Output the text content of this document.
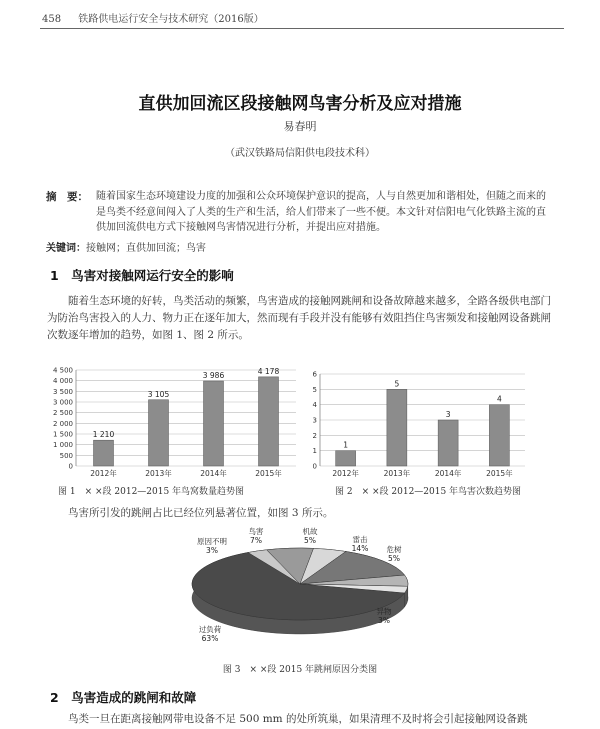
458 铁路供电运行安全与技术研究（2016版）
直供加回流区段接触网鸟害分析及应对措施
易春明
（武汉铁路局信阳供电段技术科）
摘　要： 随着国家生态环境建设力度的加强和公众环境保护意识的提高，人与自然更加和谐相处，但随之而来的是鸟类不经意间闯入了人类的生产和生活，给人们带来了一些不便。本文针对信阳电气化铁路主流的直供加回流供电方式下接触网鸟害情况进行分析，并提出应对措施。
关键词：接触网；直供加回流；鸟害
1　鸟害对接触网运行安全的影响
随着生态环境的好转，鸟类活动的频繁，鸟害造成的接触网跳闸和设备故障越来越多，全路各级供电部门为防治鸟害投入的人力、物力正在逐年加大，然而现有手段并没有能够有效阻挡住鸟害频发和接触网设备跳闸次数逐年增加的趋势，如图 1、图 2 所示。
0
500
1 000
1 500
2 000
2 500
3 000
3 500
4 000
4 500
1 210
2012年
3 105
2013年
3 986
2014年
4 178
2015年
图 1　× ×段 2012—2015 年鸟窝数量趋势图
0
1
2
3
4
5
6
1
2012年
5
2013年
3
2014年
4
2015年
图 2　× ×段 2012—2015 年鸟害次数趋势图
鸟害所引发的跳闸占比已经位列悬著位置，如图 3 所示。
过负荷
63%
原因不明
3%
鸟害
7%
机故
5%	雷击
14% 危树
5%
异物
3%
图 3　× ×段 2015 年跳闸原因分类图
2　鸟害造成的跳闸和故障
鸟类一旦在距离接触网带电设备不足 500 mm 的处所筑巢，如果清理不及时将会引起接触网设备跳
